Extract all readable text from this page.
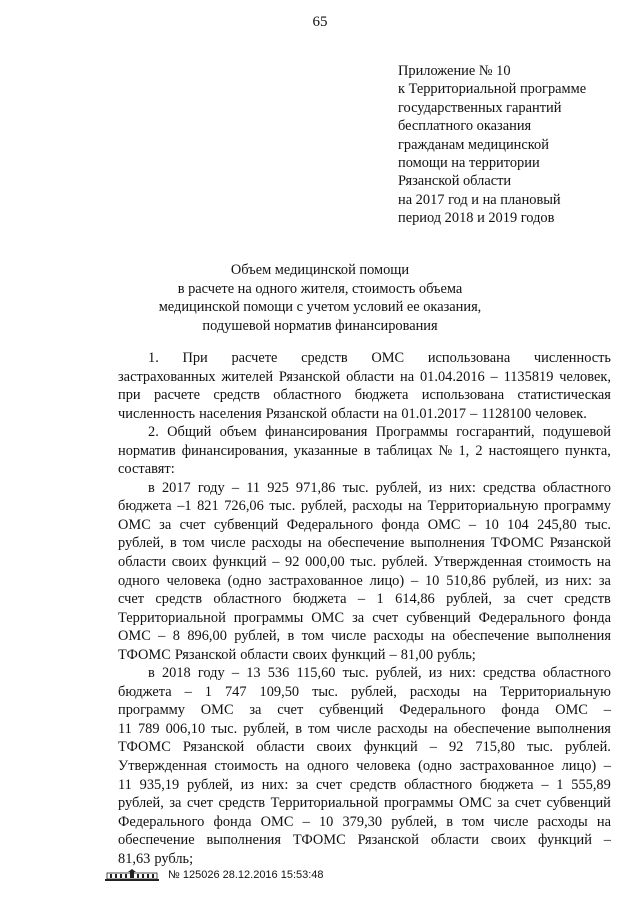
65
Приложение № 10
к Территориальной программе
государственных гарантий
бесплатного оказания
гражданам медицинской
помощи на территории
Рязанской области
на 2017 год и на плановый
период 2018 и 2019 годов
Объем медицинской помощи
в расчете на одного жителя, стоимость объема
медицинской помощи с учетом условий ее оказания,
подушевой норматив финансирования
1. При расчете средств ОМС использована численность
застрахованных жителей Рязанской области на 01.04.2016 – 1135819 человек,
при расчете средств областного бюджета использована статистическая
численность населения Рязанской области на 01.01.2017 – 1128100 человек.
2. Общий объем финансирования Программы госгарантий, подушевой
норматив финансирования, указанные в таблицах № 1, 2 настоящего пункта,
составят:
в 2017 году – 11 925 971,86 тыс. рублей, из них: средства областного
бюджета –1 821 726,06 тыс. рублей, расходы на Территориальную программу
ОМС за счет субвенций Федерального фонда ОМС – 10 104 245,80 тыс.
рублей, в том числе расходы на обеспечение выполнения ТФОМС Рязанской
области своих функций – 92 000,00 тыс. рублей. Утвержденная стоимость на
одного человека (одно застрахованное лицо) – 10 510,86 рублей, из них: за
счет средств областного бюджета – 1 614,86 рублей, за счет средств
Территориальной программы ОМС за счет субвенций Федерального фонда
ОМС – 8 896,00 рублей, в том числе расходы на обеспечение выполнения
ТФОМС Рязанской области своих функций – 81,00 рубль;
в 2018 году – 13 536 115,60 тыс. рублей, из них: средства областного
бюджета – 1 747 109,50 тыс. рублей, расходы на Территориальную
программу ОМС за счет субвенций Федерального фонда ОМС –
11 789 006,10 тыс. рублей, в том числе расходы на обеспечение выполнения
ТФОМС Рязанской области своих функций – 92 715,80 тыс. рублей.
Утвержденная стоимость на одного человека (одно застрахованное лицо) –
11 935,19 рублей, из них: за счет средств областного бюджета – 1 555,89
рублей, за счет средств Территориальной программы ОМС за счет субвенций
Федерального фонда ОМС – 10 379,30 рублей, в том числе расходы на
обеспечение выполнения ТФОМС Рязанской области своих функций –
81,63 рубль;
№ 125026 28.12.2016 15:53:48
